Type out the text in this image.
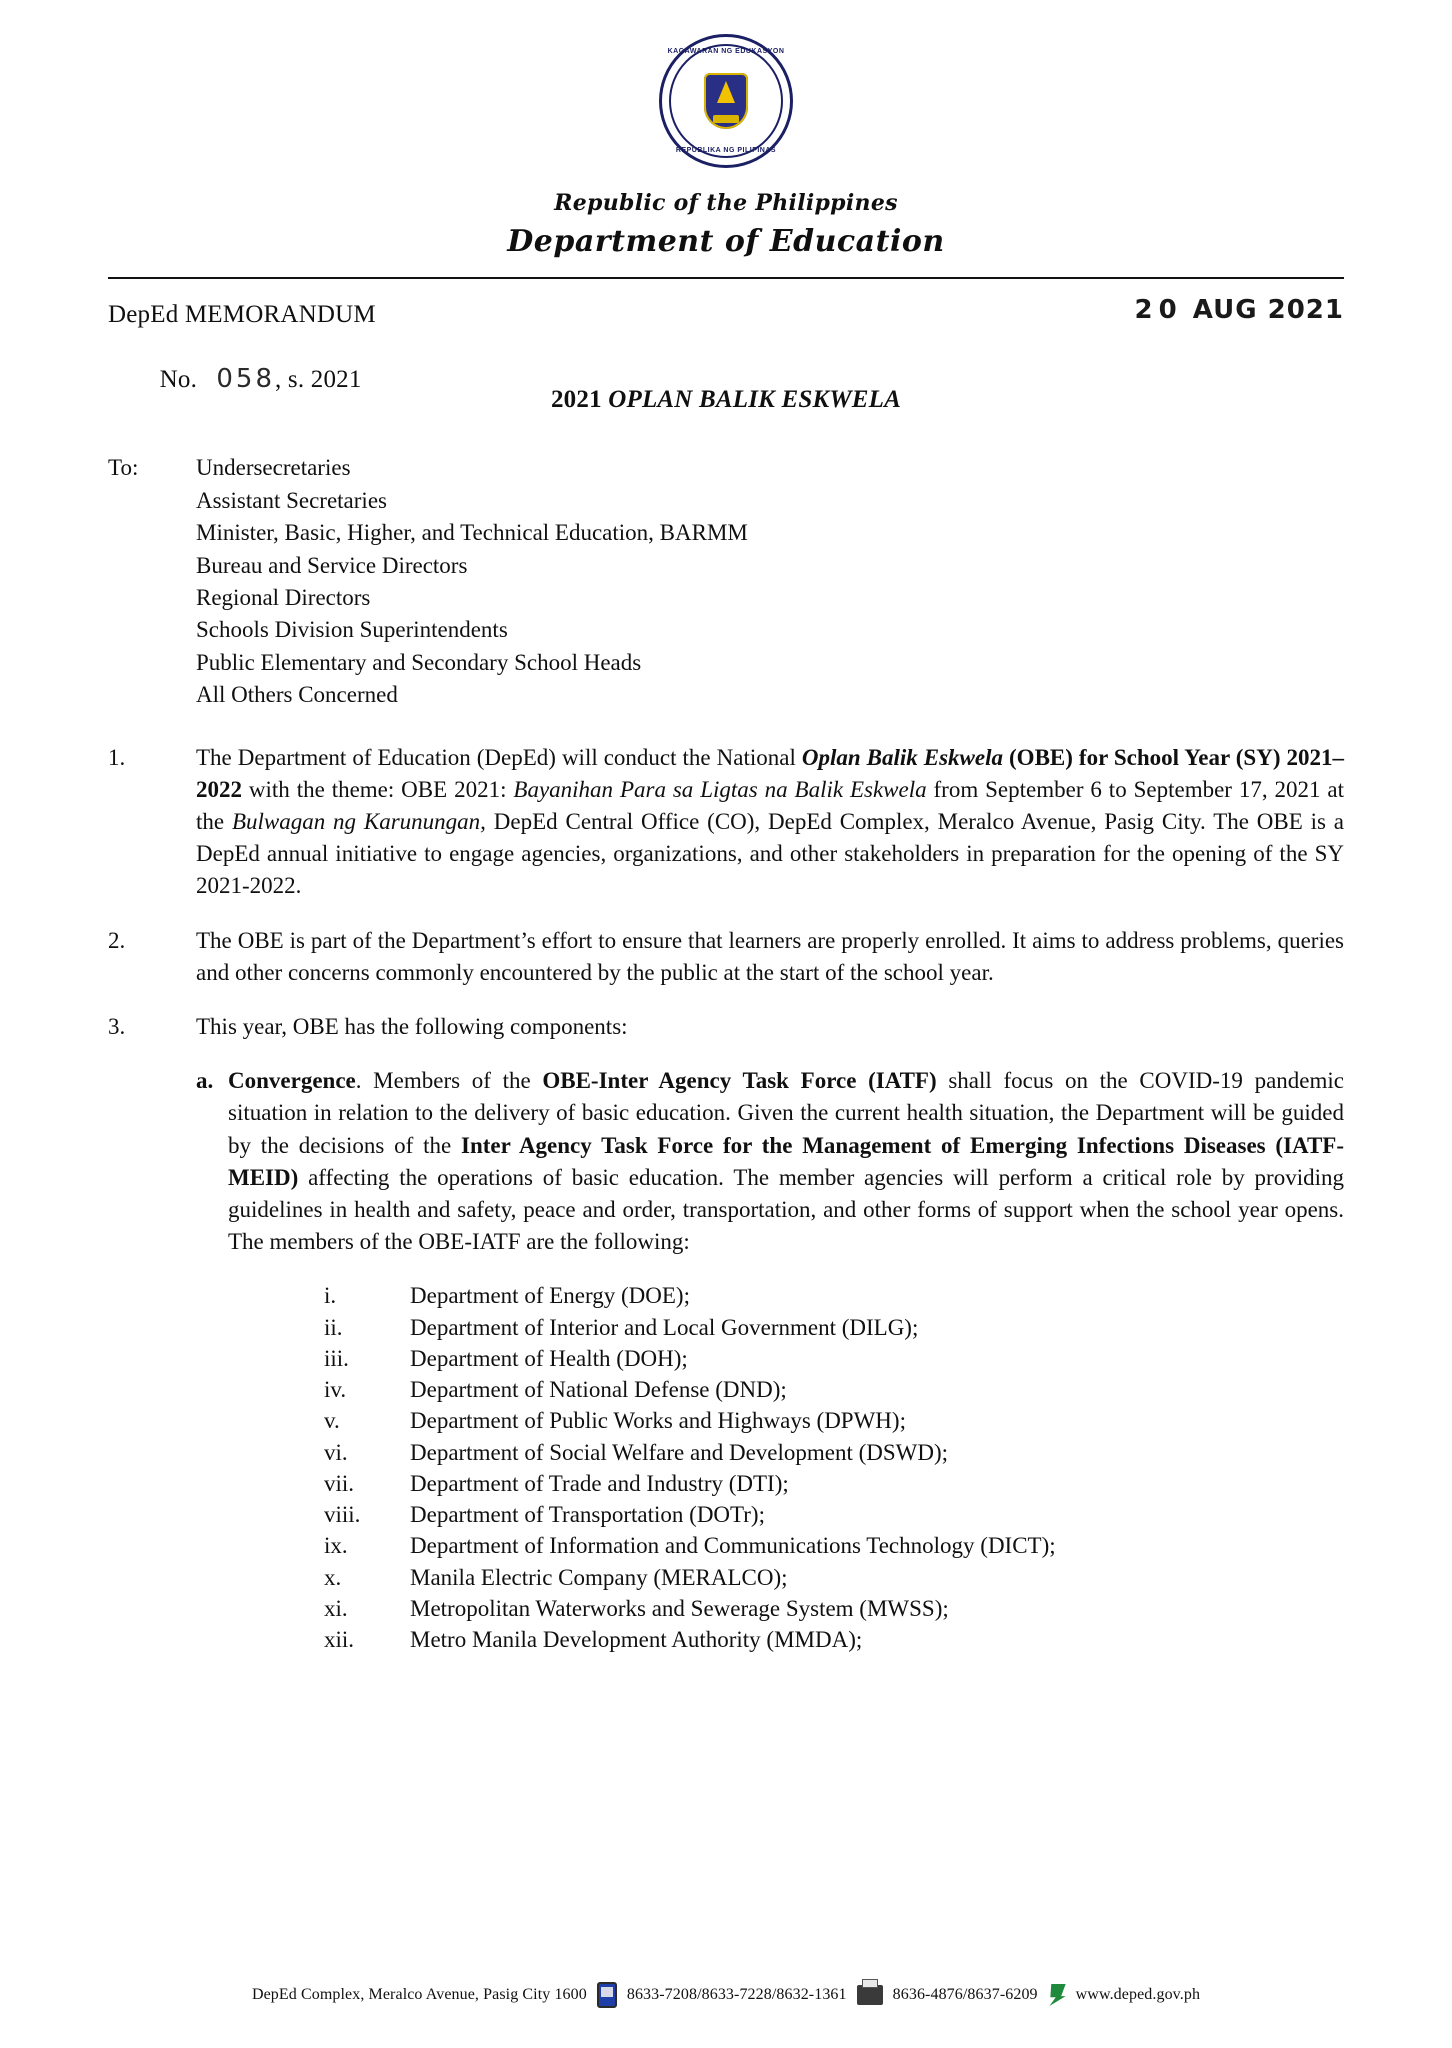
KAGAWARAN NG EDUKASYON
REPUBLIKA NG PILIPINAS
Republic of the Philippines
Department of Education
20 AUG 2021
DepEd MEMORANDUM

No. 058, s. 2021

2021 OPLAN BALIK ESKWELA
To:	Undersecretaries
Assistant Secretaries
Minister, Basic, Higher, and Technical Education, BARMM
Bureau and Service Directors
Regional Directors
Schools Division Superintendents
Public Elementary and Secondary School Heads
All Others Concerned
1.	The Department of Education (DepEd) will conduct the National Oplan Balik Eskwela (OBE) for School Year (SY) 2021–2022 with the theme: OBE 2021: Bayanihan Para sa Ligtas na Balik Eskwela from September 6 to September 17, 2021 at the Bulwagan ng Karunungan, DepEd Central Office (CO), DepEd Complex, Meralco Avenue, Pasig City. The OBE is a DepEd annual initiative to engage agencies, organizations, and other stakeholders in preparation for the opening of the SY 2021-2022.
2.	The OBE is part of the Department’s effort to ensure that learners are properly enrolled. It aims to address problems, queries and other concerns commonly encountered by the public at the start of the school year.
3.	This year, OBE has the following components:
a. Convergence. Members of the OBE-Inter Agency Task Force (IATF) shall focus on the COVID-19 pandemic situation in relation to the delivery of basic education. Given the current health situation, the Department will be guided by the decisions of the Inter Agency Task Force for the Management of Emerging Infections Diseases (IATF-MEID) affecting the operations of basic education. The member agencies will perform a critical role by providing guidelines in health and safety, peace and order, transportation, and other forms of support when the school year opens. The members of the OBE-IATF are the following:
i.	Department of Energy (DOE);
ii.	Department of Interior and Local Government (DILG);
iii.	Department of Health (DOH);
iv.	Department of National Defense (DND);
v.	Department of Public Works and Highways (DPWH);
vi.	Department of Social Welfare and Development (DSWD);
vii.	Department of Trade and Industry (DTI);
viii.	Department of Transportation (DOTr);
ix.	Department of Information and Communications Technology (DICT);
x.	Manila Electric Company (MERALCO);
xi.	Metropolitan Waterworks and Sewerage System (MWSS);
xii.	Metro Manila Development Authority (MMDA);
DepEd Complex, Meralco Avenue, Pasig City 1600	8633-7208/8633-7228/8632-1361	8636-4876/8637-6209 www.deped.gov.ph
